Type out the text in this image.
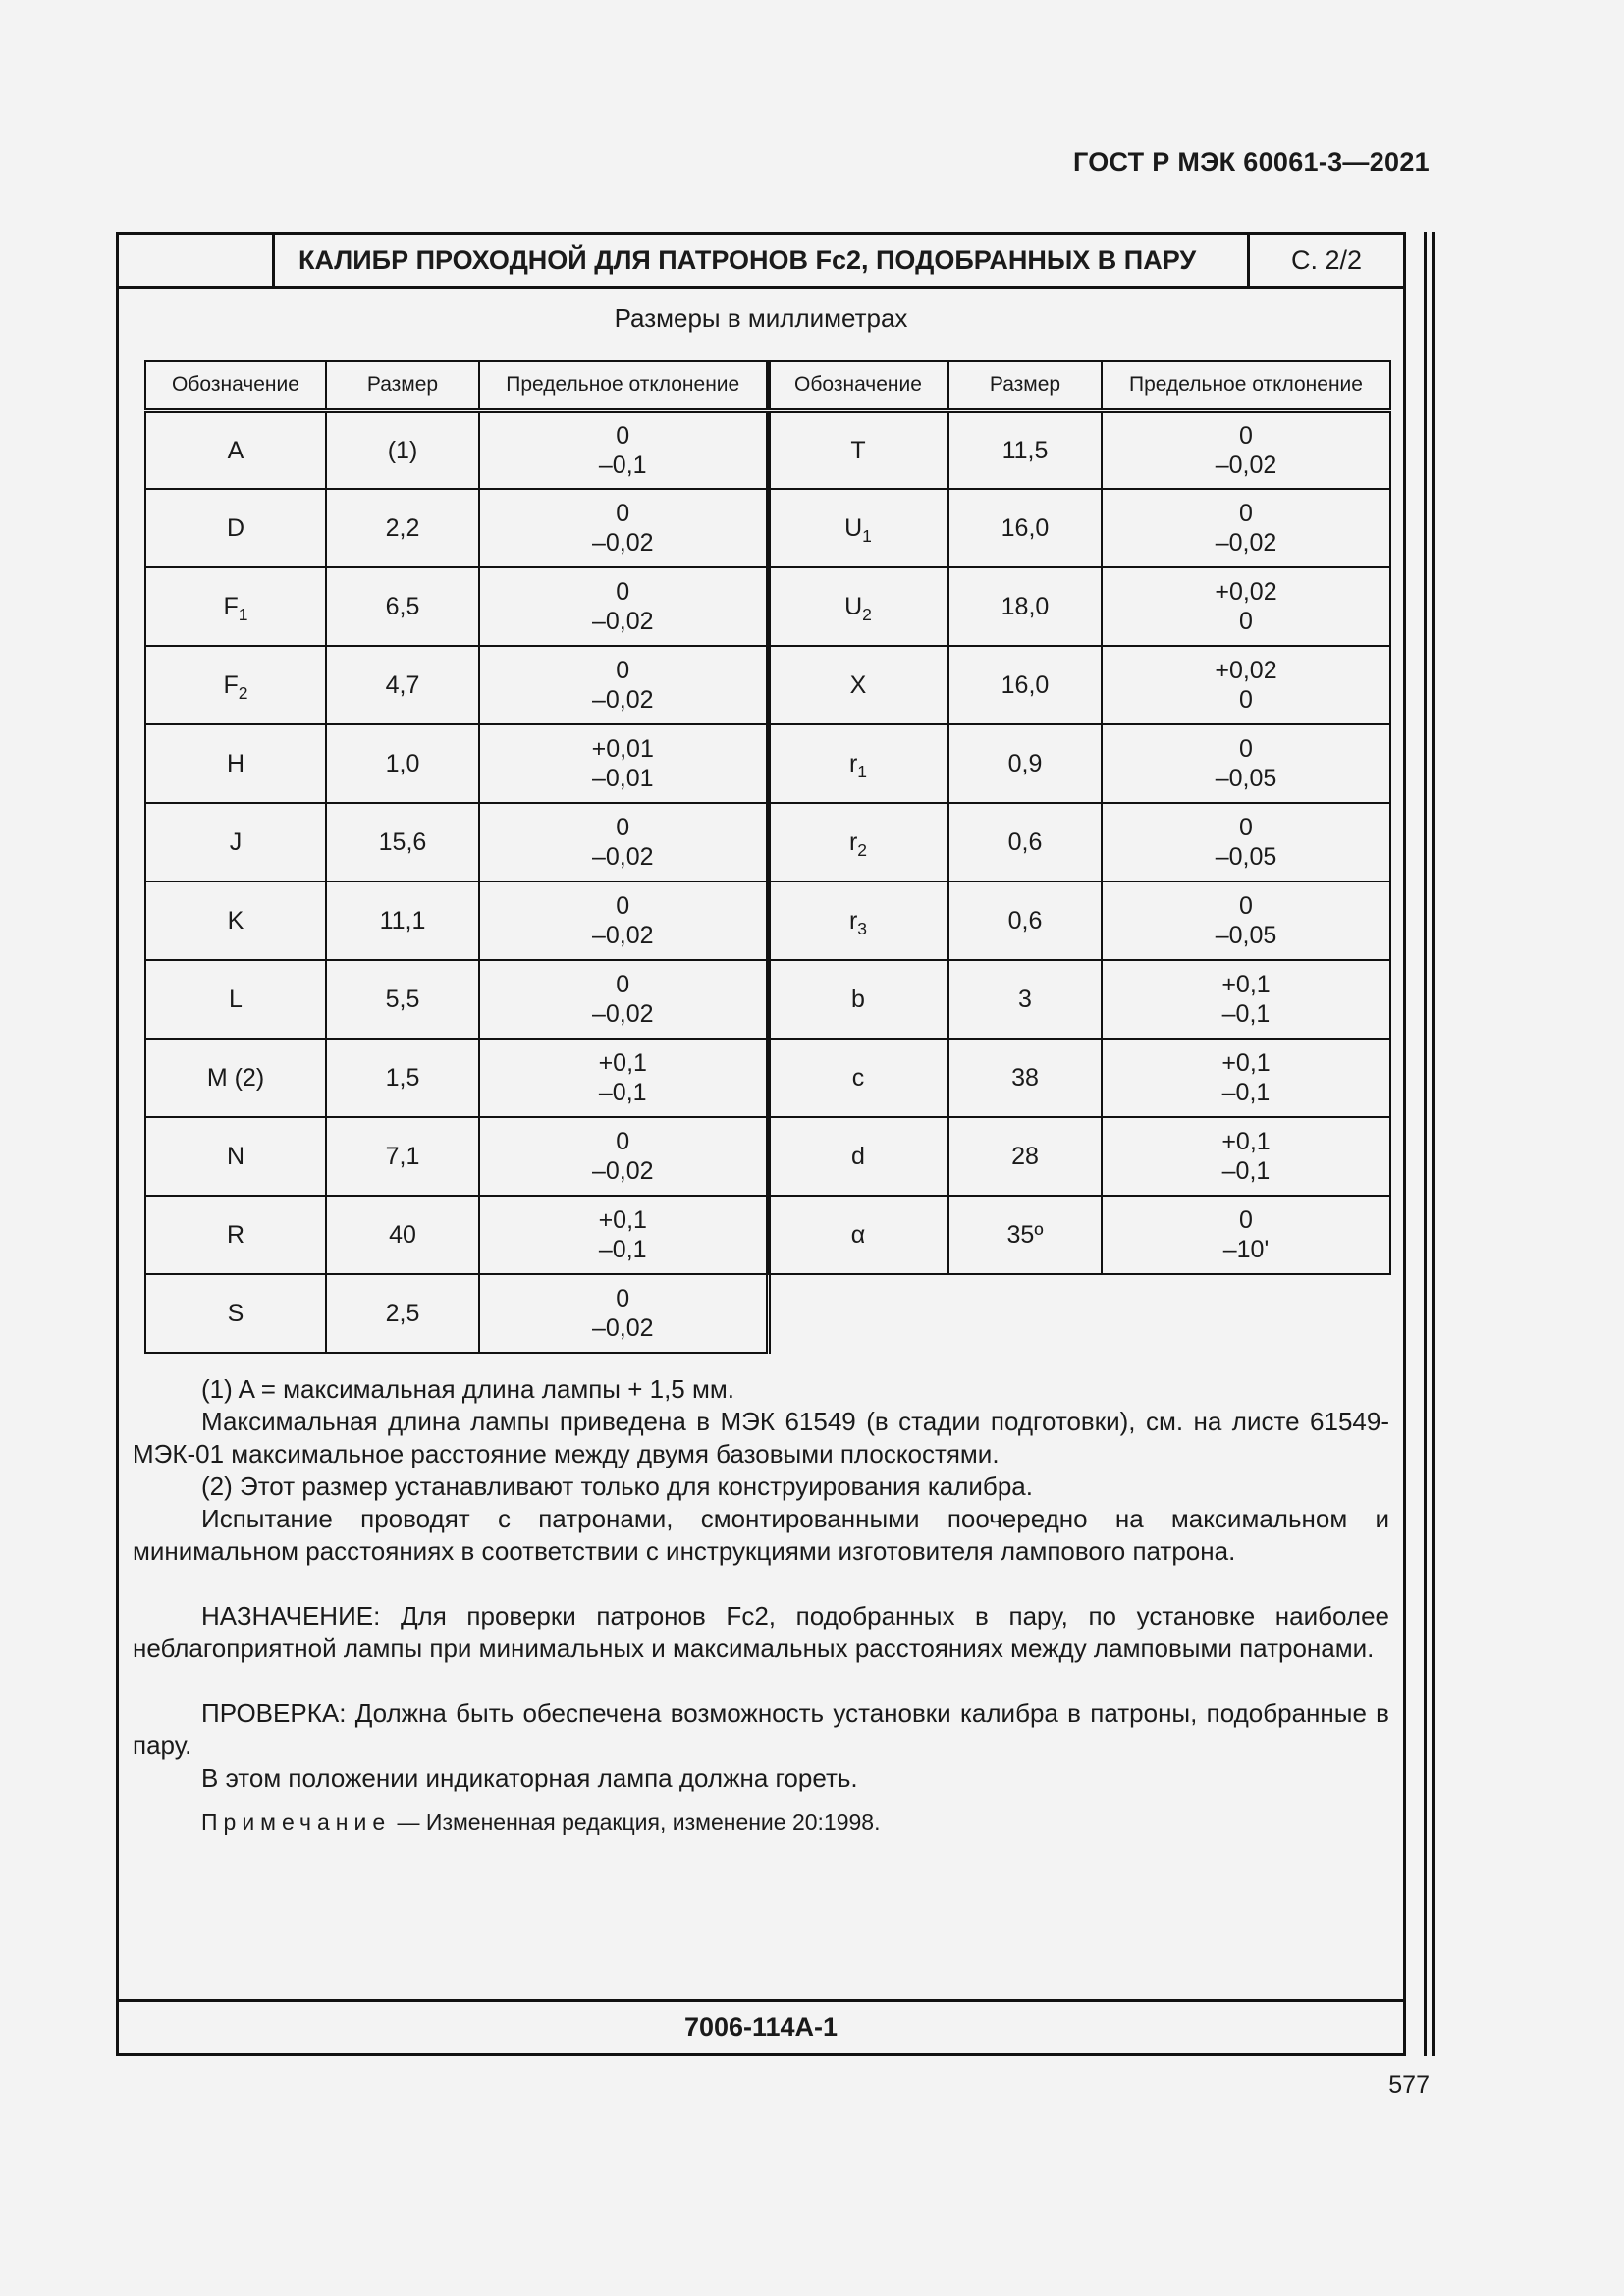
ГОСТ Р МЭК 60061-3—2021
КАЛИБР ПРОХОДНОЙ ДЛЯ ПАТРОНОВ Fc2, ПОДОБРАННЫХ В ПАРУ	С. 2/2
Размеры в миллиметрах
Обозначение	Размер	Предельное отклонение
A	(1)	0
–0,1

D	2,2	0
–0,02

$F_1$	6,5	0
–0,02

$F_2$	4,7	0
–0,02

H	1,0	+0,01
–0,01

J	15,6	0
–0,02

K	11,1	0
–0,02

L	5,5	0
–0,02

M (2)	1,5	+0,1
–0,1

N	7,1	0
–0,02

R	40	+0,1
–0,1

S	2,5	0
–0,02
Обозначение	Размер	Предельное отклонение
T	11,5	0
–0,02

$U_1$	16,0	0
–0,02

$U_2$	18,0	+0,02
0

X	16,0	+0,02
0

$r_1$	0,9	0
–0,05

$r_2$	0,6	0
–0,05

$r_3$	0,6	0
–0,05

b	3	+0,1
–0,1

c	38	+0,1
–0,1

d	28	+0,1
–0,1

α	35º	0
–10'

(1) A = максимальная длина лампы + 1,5 мм.

Максимальная длина лампы приведена в МЭК 61549 (в стадии подготовки), см. на листе 61549-МЭК-01 максимальное расстояние между двумя базовыми плоскостями.

(2) Этот размер устанавливают только для конструирования калибра.

Испытание проводят с патронами, смонтированными поочередно на максимальном и минимальном расстояниях в соответствии с инструкциями изготовителя лампового патрона.

НАЗНАЧЕНИЕ: Для проверки патронов Fc2, подобранных в пару, по установке наиболее неблагоприятной лампы при минимальных и максимальных расстояниях между ламповыми патронами.

ПРОВЕРКА: Должна быть обеспечена возможность установки калибра в патроны, подобранные в пару.

В этом положении индикаторная лампа должна гореть.

Примечание — Измененная редакция, изменение 20:1998.

7006-114A-1
577
